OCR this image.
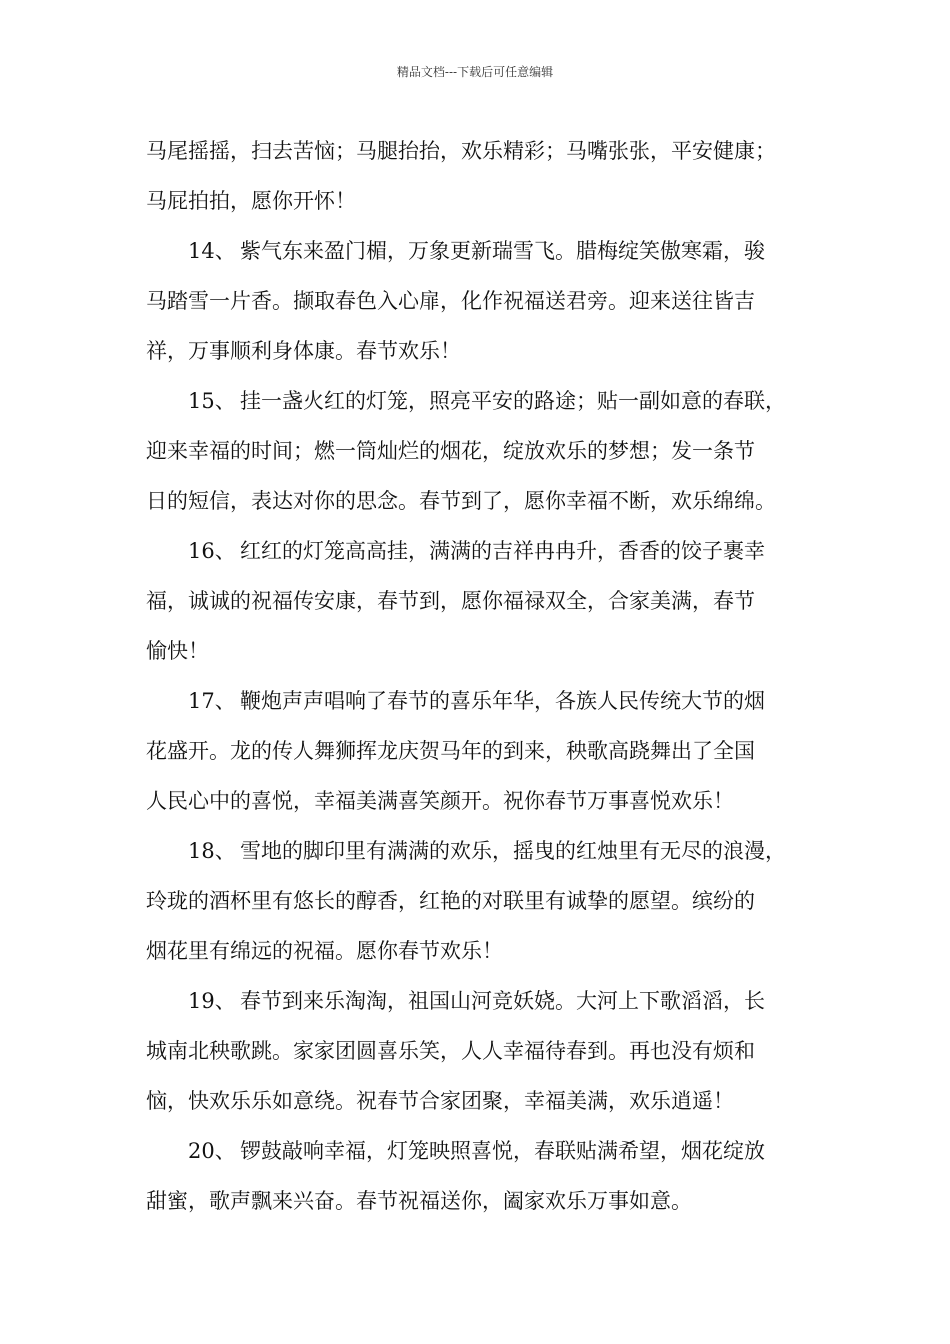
精品文档---下载后可任意编辑

马尾摇摇，扫去苦恼；马腿抬抬，欢乐精彩；马嘴张张，平安健康；

马屁拍拍，愿你开怀！

14、 紫气东来盈门楣，万象更新瑞雪飞。腊梅绽笑傲寒霜，骏

马踏雪一片香。撷取春色入心扉，化作祝福送君旁。迎来送往皆吉

祥，万事顺利身体康。春节欢乐！

15、 挂一盏火红的灯笼，照亮平安的路途；贴一副如意的春联，

迎来幸福的时间；燃一筒灿烂的烟花，绽放欢乐的梦想；发一条节

日的短信，表达对你的思念。春节到了，愿你幸福不断，欢乐绵绵。

16、 红红的灯笼高高挂，满满的吉祥冉冉升，香香的饺子裹幸

福，诚诚的祝福传安康，春节到，愿你福禄双全，合家美满，春节

愉快！

17、 鞭炮声声唱响了春节的喜乐年华，各族人民传统大节的烟

花盛开。龙的传人舞狮挥龙庆贺马年的到来，秧歌高跷舞出了全国

人民心中的喜悦，幸福美满喜笑颜开。祝你春节万事喜悦欢乐！

18、 雪地的脚印里有满满的欢乐，摇曳的红烛里有无尽的浪漫，

玲珑的酒杯里有悠长的醇香，红艳的对联里有诚挚的愿望。缤纷的

烟花里有绵远的祝福。愿你春节欢乐！

19、 春节到来乐淘淘，祖国山河竞妖娆。大河上下歌滔滔，长

城南北秧歌跳。家家团圆喜乐笑，人人幸福待春到。再也没有烦和

恼，快欢乐乐如意绕。祝春节合家团聚，幸福美满，欢乐逍遥！

20、 锣鼓敲响幸福，灯笼映照喜悦，春联贴满希望，烟花绽放

甜蜜，歌声飘来兴奋。春节祝福送你，阖家欢乐万事如意。
